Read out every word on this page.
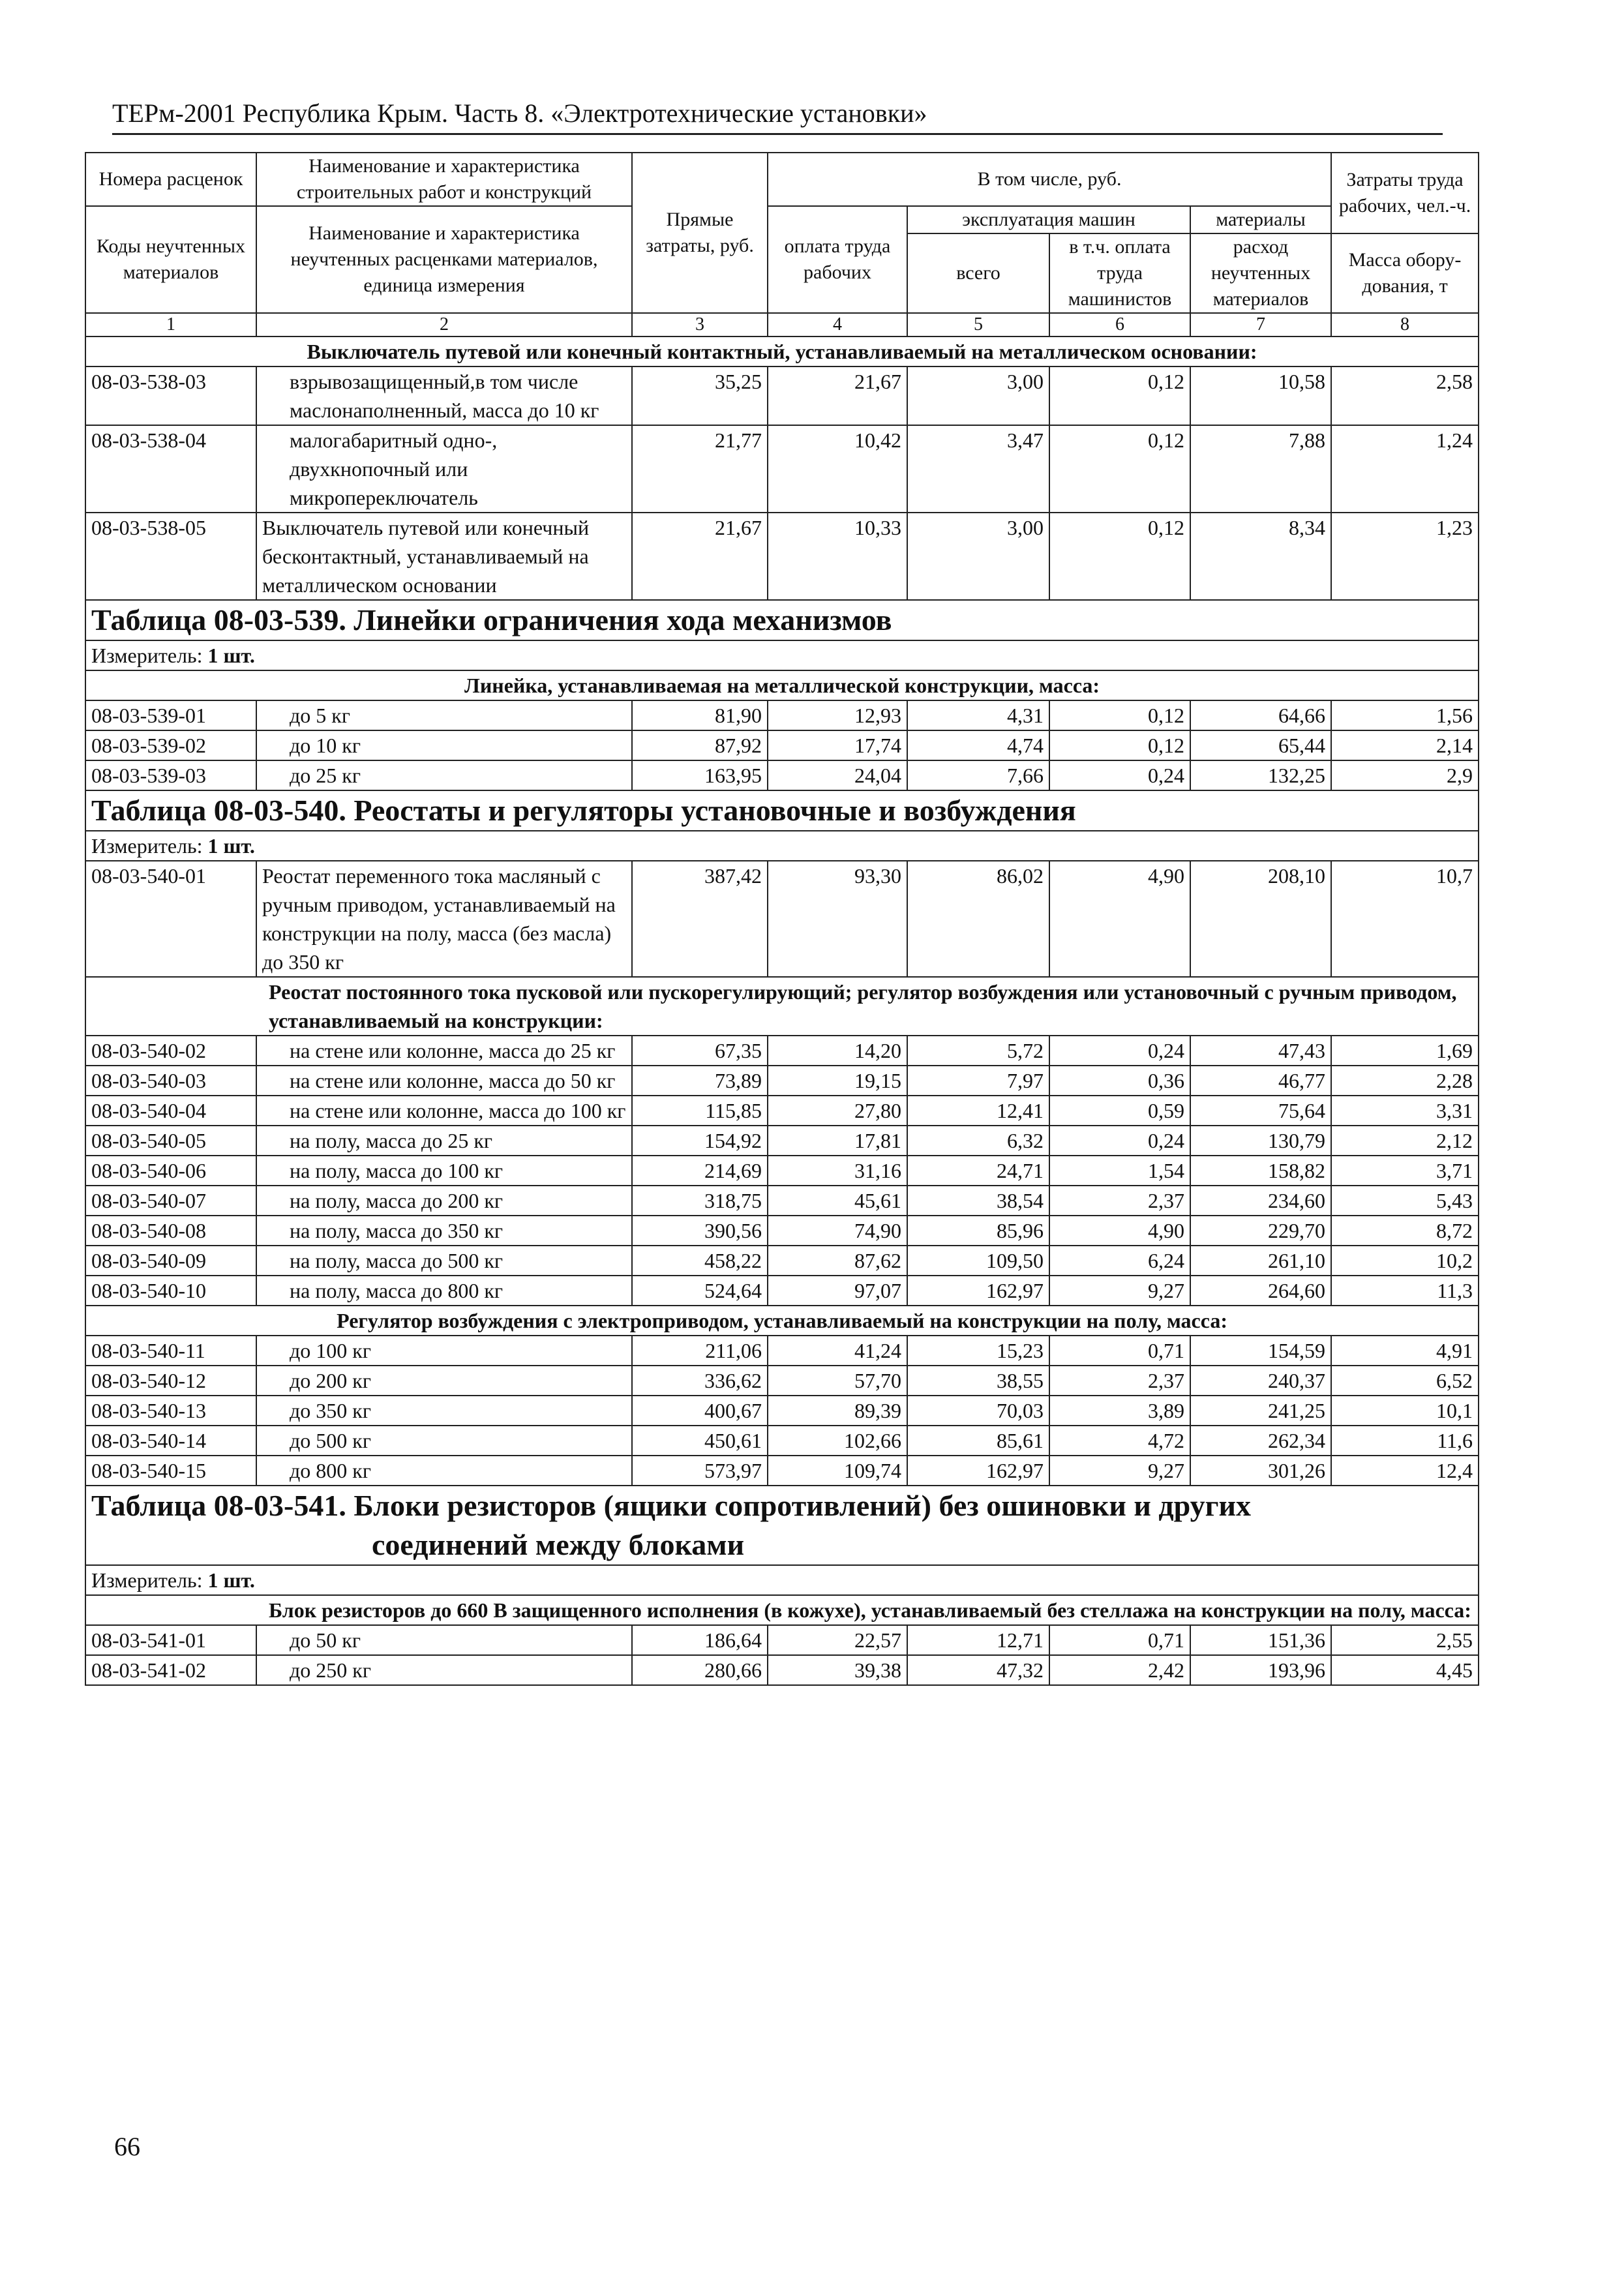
ТЕРм-2001 Республика Крым. Часть 8. «Электротехнические установки»
Номера расценок	Наименование и характеристика строительных работ и конструкций	Прямые затраты, руб.	В том числе, руб.				Затраты труда рабочих, чел.-ч.
Коды неучтенных материалов	Наименование и характеристика неучтенных расценками материалов, единица измерения		оплата труда рабочих	эксплуатация машин		материалы	
				всего	в т.ч. оплата труда машинистов	расход неучтенных материалов	Масса обору-дования, т
1	2	3	4	5	6	7	8
Выключатель путевой или конечный контактный, устанавливаемый на металлическом основании:							
08-03-538-03	взрывозащищенный,в том числе маслонаполненный, масса до 10 кг	35,25	21,67	3,00	0,12	10,58	2,58
08-03-538-04	малогабаритный одно-, двухкнопочный или микропереключатель	21,77	10,42	3,47	0,12	7,88	1,24
08-03-538-05	Выключатель путевой или конечный бесконтактный, устанавливаемый на металлическом основании	21,67	10,33	3,00	0,12	8,34	1,23
Таблица 08-03-539. Линейки ограничения хода механизмов							
Измеритель: 1 шт.							
Линейка, устанавливаемая на металлической конструкции, масса:							
08-03-539-01	до 5 кг	81,90	12,93	4,31	0,12	64,66	1,56
08-03-539-02	до 10 кг	87,92	17,74	4,74	0,12	65,44	2,14
08-03-539-03	до 25 кг	163,95	24,04	7,66	0,24	132,25	2,9
Таблица 08-03-540. Реостаты и регуляторы установочные и возбуждения							
Измеритель: 1 шт.							
08-03-540-01	Реостат переменного тока масляный с ручным приводом, устанавливаемый на конструкции на полу, масса (без масла) до 350 кг	387,42	93,30	86,02	4,90	208,10	10,7
Реостат постоянного тока пусковой или пускорегулирующий; регулятор возбуждения или установочный с ручным приводом, устанавливаемый на конструкции:							
08-03-540-02	на стене или колонне, масса до 25 кг	67,35	14,20	5,72	0,24	47,43	1,69
08-03-540-03	на стене или колонне, масса до 50 кг	73,89	19,15	7,97	0,36	46,77	2,28
08-03-540-04	на стене или колонне, масса до 100 кг	115,85	27,80	12,41	0,59	75,64	3,31
08-03-540-05	на полу, масса до 25 кг	154,92	17,81	6,32	0,24	130,79	2,12
08-03-540-06	на полу, масса до 100 кг	214,69	31,16	24,71	1,54	158,82	3,71
08-03-540-07	на полу, масса до 200 кг	318,75	45,61	38,54	2,37	234,60	5,43
08-03-540-08	на полу, масса до 350 кг	390,56	74,90	85,96	4,90	229,70	8,72
08-03-540-09	на полу, масса до 500 кг	458,22	87,62	109,50	6,24	261,10	10,2
08-03-540-10	на полу, масса до 800 кг	524,64	97,07	162,97	9,27	264,60	11,3
Регулятор возбуждения с электроприводом, устанавливаемый на конструкции на полу, масса:							
08-03-540-11	до 100 кг	211,06	41,24	15,23	0,71	154,59	4,91
08-03-540-12	до 200 кг	336,62	57,70	38,55	2,37	240,37	6,52
08-03-540-13	до 350 кг	400,67	89,39	70,03	3,89	241,25	10,1
08-03-540-14	до 500 кг	450,61	102,66	85,61	4,72	262,34	11,6
08-03-540-15	до 800 кг	573,97	109,74	162,97	9,27	301,26	12,4
Таблица 08-03-541. Блоки резисторов (ящики сопротивлений) без ошиновки и других
соединений между блоками							

Измеритель: 1 шт.							
Блок резисторов до 660 В защищенного исполнения (в кожухе), устанавливаемый без стеллажа на конструкции на полу, масса:							
08-03-541-01	до 50 кг	186,64	22,57	12,71	0,71	151,36	2,55
08-03-541-02	до 250 кг	280,66	39,38	47,32	2,42	193,96	4,45
66
